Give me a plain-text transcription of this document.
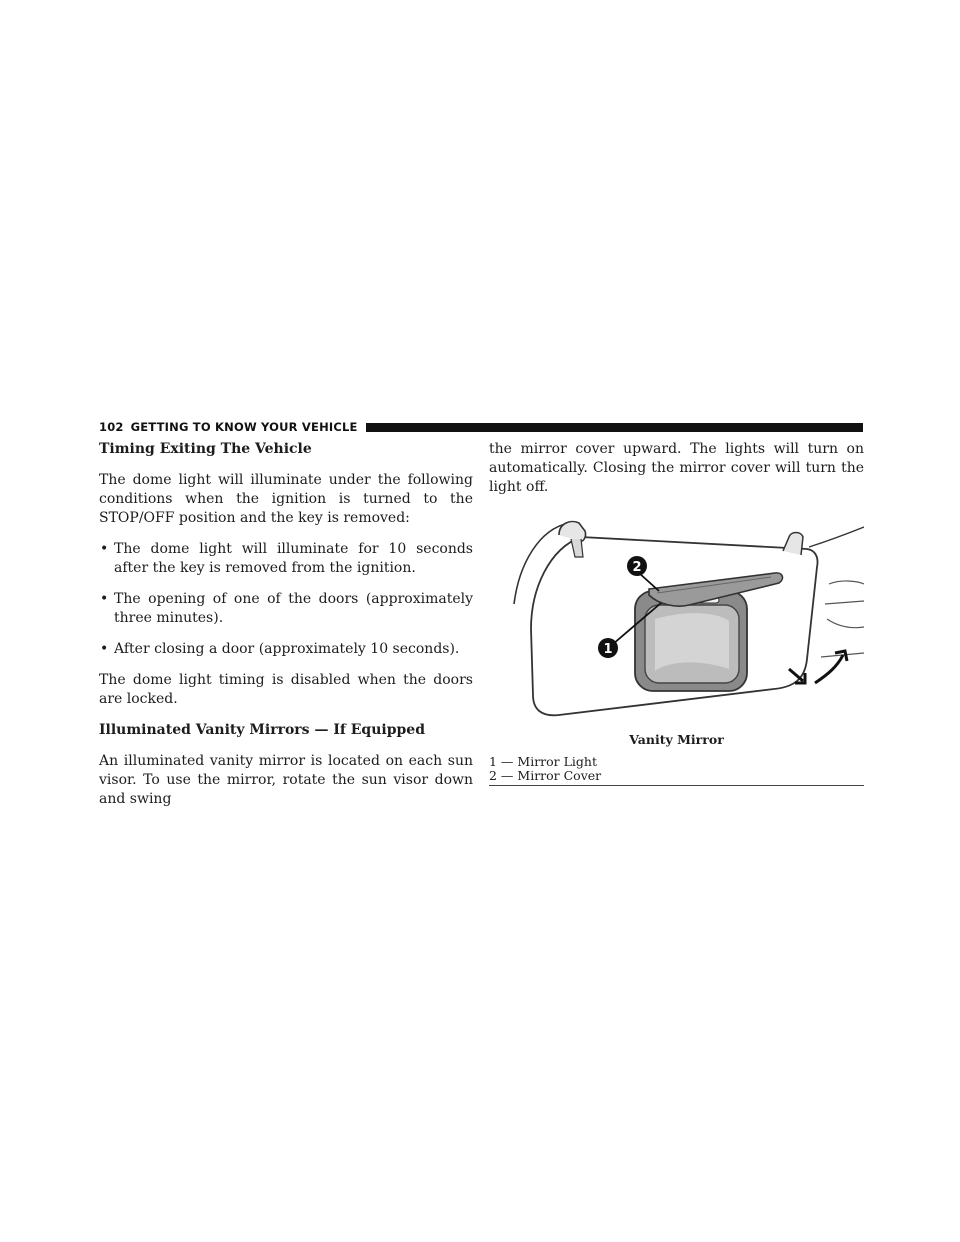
102 GETTING TO KNOW YOUR VEHICLE

Timing Exiting The Vehicle

The dome light will illuminate under the following conditions when the ignition is turned to the STOP/OFF position and the key is removed:

• The dome light will illuminate for 10 seconds after the key is removed from the ignition.
• The opening of one of the doors (approximately three minutes).
• After closing a door (approximately 10 seconds).

The dome light timing is disabled when the doors are locked.

Illuminated Vanity Mirrors — If Equipped

An illuminated vanity mirror is located on each sun visor. To use the mirror, rotate the sun visor down and swing

the mirror cover upward. The lights will turn on automatically. Closing the mirror cover will turn the light off.

2
1
Vanity Mirror
1 — Mirror Light
2 — Mirror Cover
